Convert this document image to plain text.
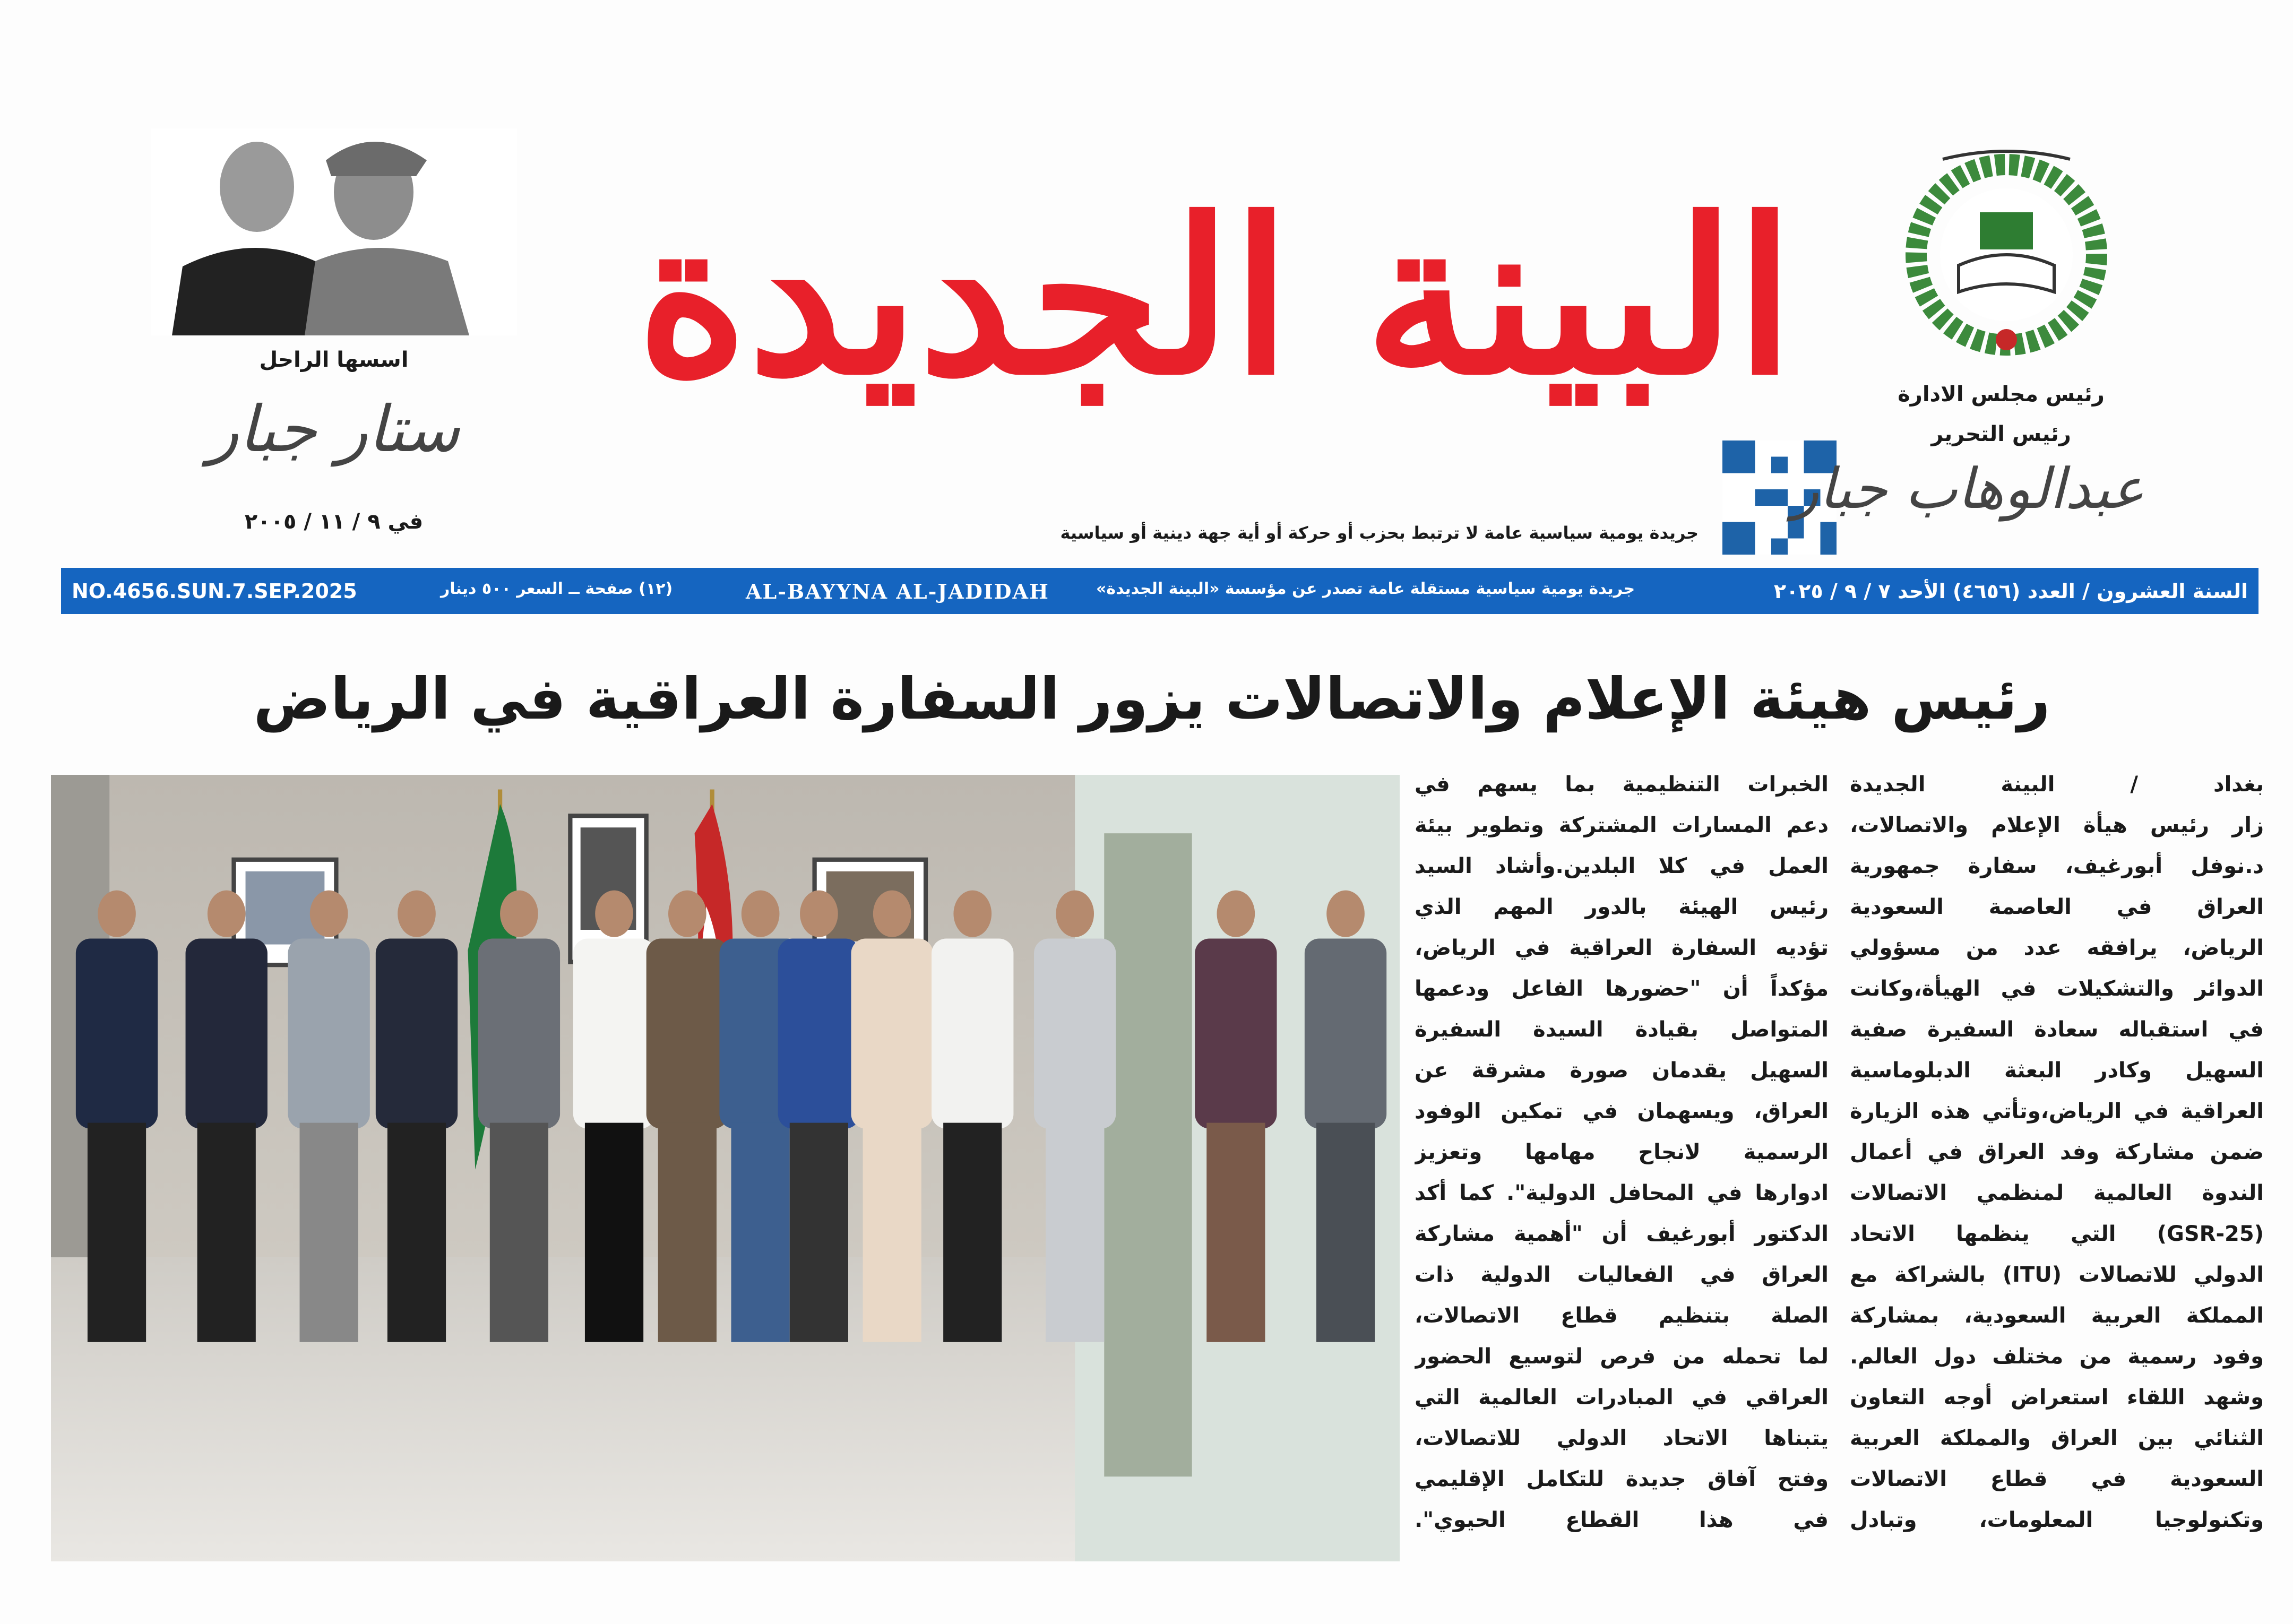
اسسها الراحل
ستار جبار
في ٩ / ١١ / ٢٠٠٥
البينة الجديدة
جريدة يومية سياسية عامة لا ترتبط بحزب أو حركة أو أية جهة دينية أو سياسية
رئيس مجلس الادارة
رئيس التحرير
عبدالوهاب جبار
NO.4656.SUN.7.SEP.2025	(١٢) صفحة ــ السعر ٥٠٠ دينار	AL-BAYYNA AL-JADIDAH	جريدة يومية سياسية مستقلة عامة تصدر عن مؤسسة «البينة الجديدة»	السنة العشرون / العدد (٤٦٥٦) الأحد ٧ / ٩ / ٢٠٢٥
رئيس هيئة الإعلام والاتصالات يزور السفارة العراقية في الرياض
بغداد / البينة الجديدة
زار رئيس هيأة الإعلام والاتصالات،
د.نوفل أبورغيف، سفارة جمهورية
العراق في العاصمة السعودية
الرياض، يرافقه عدد من مسؤولي
الدوائر والتشكيلات في الهيأة،وكانت
في استقباله سعادة السفيرة صفية
السهيل وكادر البعثة الدبلوماسية
العراقية في الرياض،وتأتي هذه الزيارة
ضمن مشاركة وفد العراق في أعمال
الندوة العالمية لمنظمي الاتصالات
(GSR-25) التي ينظمها الاتحاد
الدولي للاتصالات (ITU) بالشراكة مع
المملكة العربية السعودية، بمشاركة
وفود رسمية من مختلف دول العالم.
وشهد اللقاء استعراض أوجه التعاون
الثنائي بين العراق والمملكة العربية
السعودية في قطاع الاتصالات
وتكنولوجيا المعلومات، وتبادل
الخبرات التنظيمية بما يسهم في
دعم المسارات المشتركة وتطوير بيئة
العمل في كلا البلدين.وأشاد السيد
رئيس الهيئة بالدور المهم الذي
تؤديه السفارة العراقية في الرياض،
مؤكداً أن "حضورها الفاعل ودعمها
المتواصل بقيادة السيدة السفيرة
السهيل يقدمان صورة مشرقة عن
العراق، ويسهمان في تمكين الوفود
الرسمية لانجاح مهامها وتعزيز
ادوارها في المحافل الدولية". كما أكد
الدكتور أبورغيف أن "أهمية مشاركة
العراق في الفعاليات الدولية ذات
الصلة بتنظيم قطاع الاتصالات،
لما تحمله من فرص لتوسيع الحضور
العراقي في المبادرات العالمية التي
يتبناها الاتحاد الدولي للاتصالات،
وفتح آفاق جديدة للتكامل الإقليمي
في هذا القطاع الحيوي".
